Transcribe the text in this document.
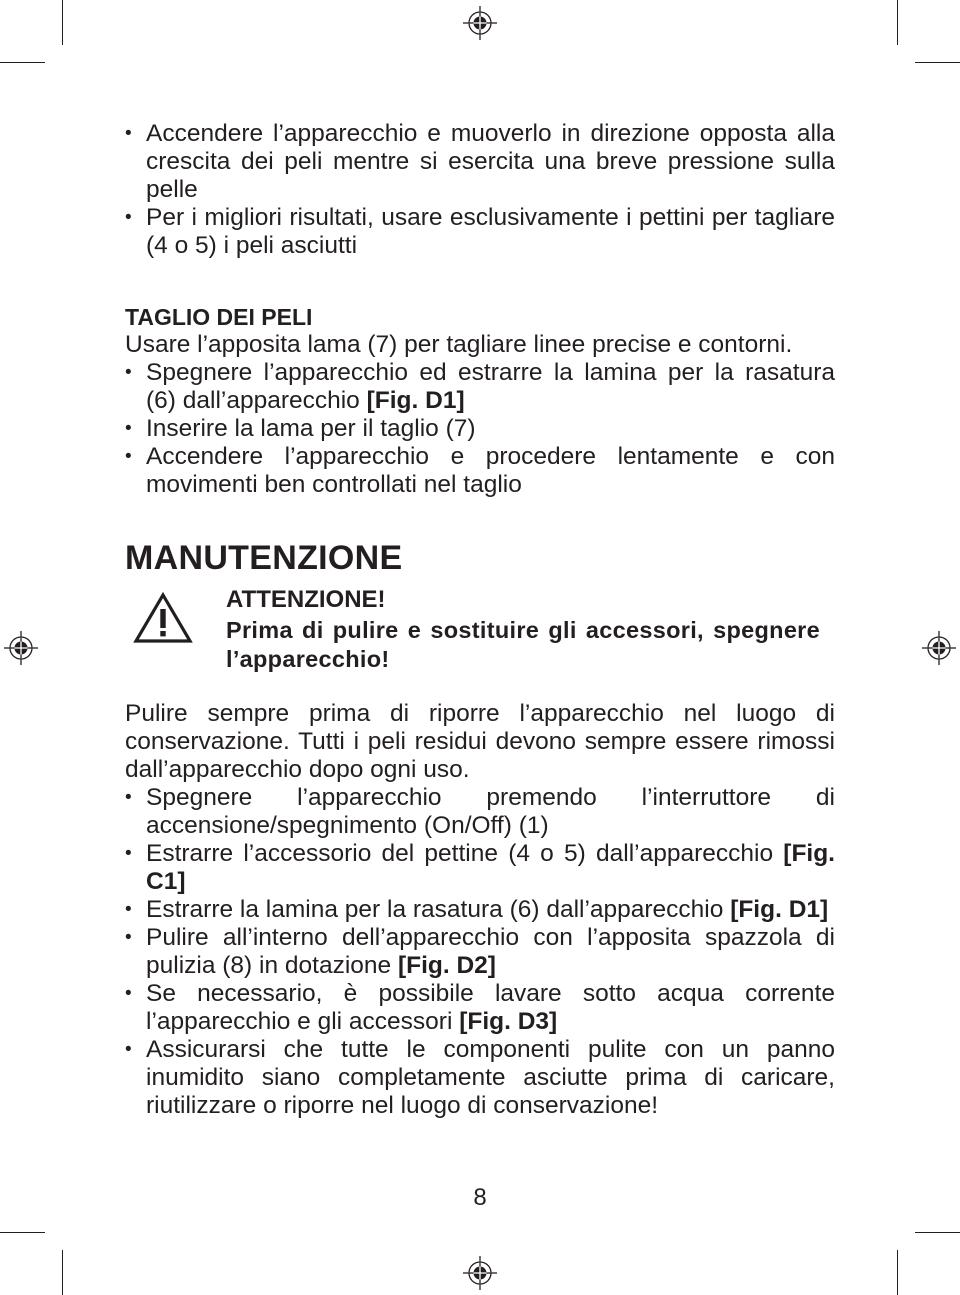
• Accendere l’apparecchio e muoverlo in direzione opposta alla crescita dei peli mentre si esercita una breve pressione sulla pelle
• Per i migliori risultati, usare esclusivamente i pettini per tagliare (4 o 5) i peli asciutti
TAGLIO DEI PELI
Usare l’apposita lama (7) per tagliare linee precise e contorni.
• Spegnere l’apparecchio ed estrarre la lamina per la rasatura (6) dall’apparecchio [Fig. D1]
• Inserire la lama per il taglio (7)
• Accendere l’apparecchio e procedere lentamente e con movimenti ben controllati nel taglio
MANUTENZIONE
ATTENZIONE!
Prima di pulire e sostituire gli accessori, spegnere l’apparecchio!
Pulire sempre prima di riporre l’apparecchio nel luogo di conservazione. Tutti i peli residui devono sempre essere rimossi dall’apparecchio dopo ogni uso.
• Spegnere l’apparecchio premendo l’interruttore di accensione/spegnimento (On/Off) (1)
• Estrarre l’accessorio del pettine (4 o 5) dall’apparecchio [Fig. C1]
• Estrarre la lamina per la rasatura (6) dall’apparecchio [Fig. D1]
• Pulire all’interno dell’apparecchio con l’apposita spazzola di pulizia (8) in dotazione [Fig. D2]
• Se necessario, è possibile lavare sotto acqua corrente l’apparecchio e gli accessori [Fig. D3]
• Assicurarsi che tutte le componenti pulite con un panno inumidito siano completamente asciutte prima di caricare, riutilizzare o riporre nel luogo di conservazione!
8
